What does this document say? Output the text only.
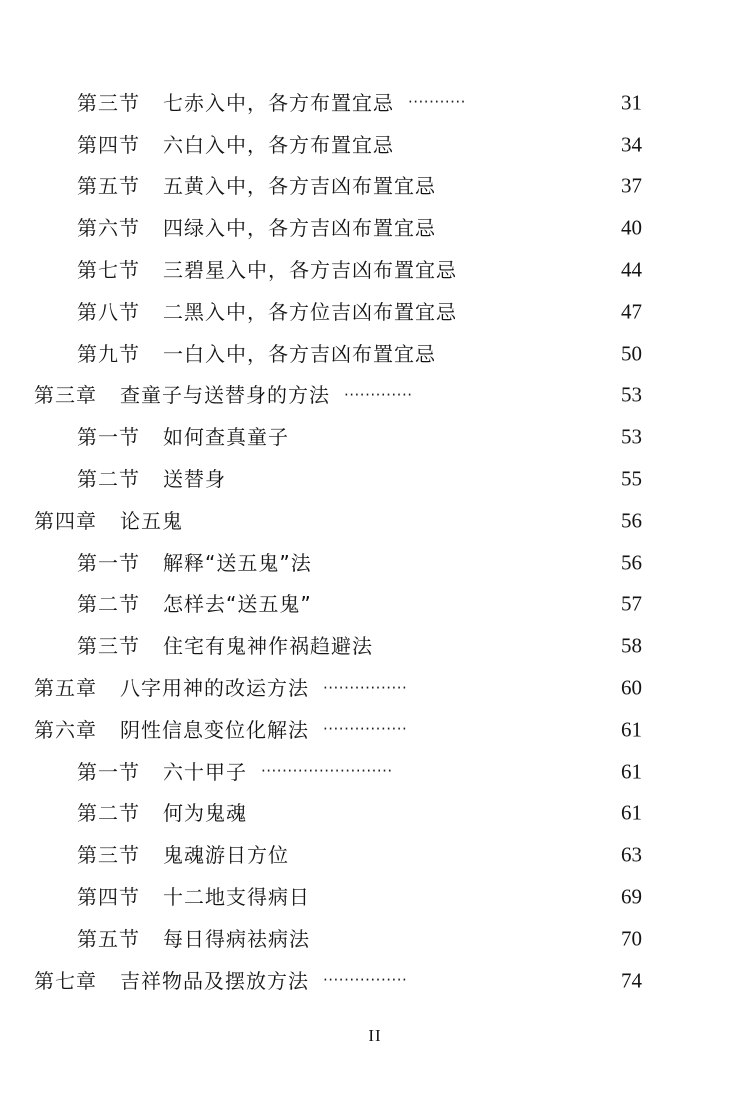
第三节	七赤入中，各方布置宜忌 ···········	31
第四节	六白入中，各方布置宜忌	34
第五节	五黄入中，各方吉凶布置宜忌	37
第六节	四绿入中，各方吉凶布置宜忌	40
第七节	三碧星入中，各方吉凶布置宜忌	44
第八节	二黑入中，各方位吉凶布置宜忌	47
第九节	一白入中，各方吉凶布置宜忌	50
第三章	查童子与送替身的方法 ·············	53
第一节	如何查真童子	53
第二节	送替身	55
第四章	论五鬼	56
第一节	解释“送五鬼”法	56
第二节	怎样去“送五鬼”	57
第三节	住宅有鬼神作祸趋避法	58
第五章	八字用神的改运方法 ················	60
第六章	阴性信息变位化解法 ················	61
第一节	六十甲子 ·························	61
第二节	何为鬼魂	61
第三节	鬼魂游日方位	63
第四节	十二地支得病日	69
第五节	每日得病祛病法	70
第七章	吉祥物品及摆放方法 ················	74
II
